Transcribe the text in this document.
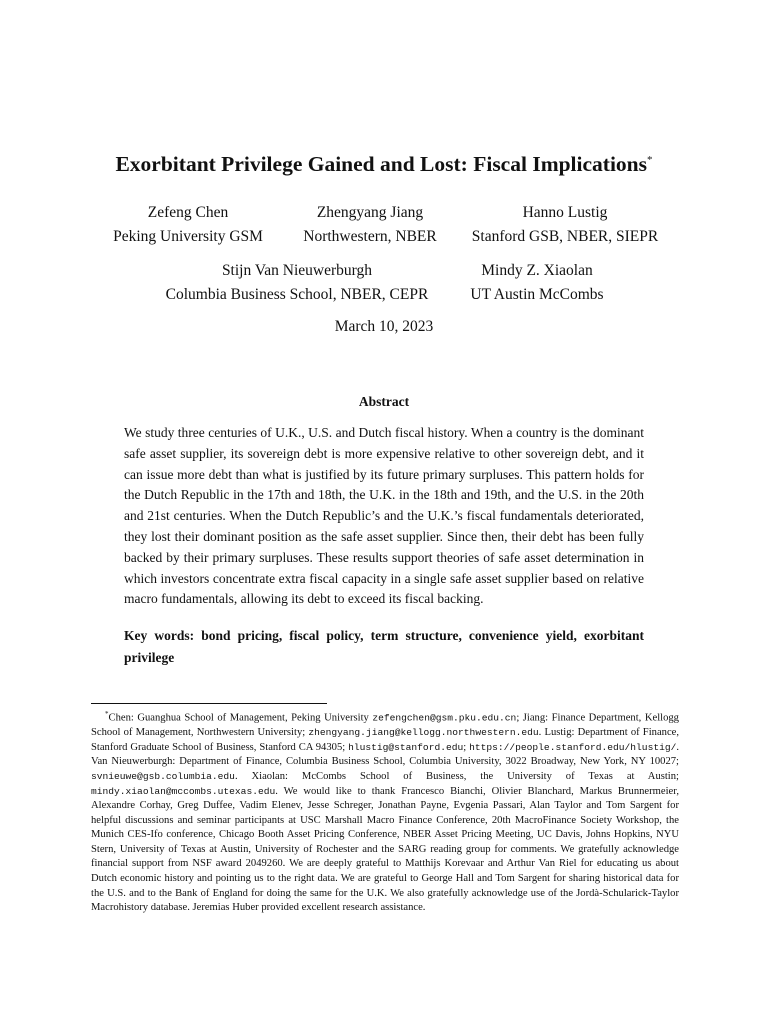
Exorbitant Privilege Gained and Lost: Fiscal Implications*
Zefeng Chen
Peking University GSM
Zhengyang Jiang
Northwestern, NBER
Hanno Lustig
Stanford GSB, NBER, SIEPR
Stijn Van Nieuwerburgh
Columbia Business School, NBER, CEPR
Mindy Z. Xiaolan
UT Austin McCombs
March 10, 2023
Abstract
We study three centuries of U.K., U.S. and Dutch fiscal history. When a country is the dominant safe asset supplier, its sovereign debt is more expensive relative to other sovereign debt, and it can issue more debt than what is justified by its future primary surpluses. This pattern holds for the Dutch Republic in the 17th and 18th, the U.K. in the 18th and 19th, and the U.S. in the 20th and 21st centuries. When the Dutch Republic’s and the U.K.’s fiscal fundamentals deteriorated, they lost their dominant position as the safe asset supplier. Since then, their debt has been fully backed by their primary surpluses. These results support theories of safe asset determination in which investors concentrate extra fiscal capacity in a single safe asset supplier based on relative macro fundamentals, allowing its debt to exceed its fiscal backing.
Key words: bond pricing, fiscal policy, term structure, convenience yield, exorbitant privilege
*Chen: Guanghua School of Management, Peking University zefengchen@gsm.pku.edu.cn; Jiang: Finance Department, Kellogg School of Management, Northwestern University; zhengyang.jiang@kellogg.northwestern.edu. Lustig: Department of Finance, Stanford Graduate School of Business, Stanford CA 94305; hlustig@stanford.edu; https://people.stanford.edu/hlustig/. Van Nieuwerburgh: Department of Finance, Columbia Business School, Columbia University, 3022 Broadway, New York, NY 10027; svnieuwe@gsb.columbia.edu. Xiaolan: McCombs School of Business, the University of Texas at Austin; mindy.xiaolan@mccombs.utexas.edu. We would like to thank Francesco Bianchi, Olivier Blanchard, Markus Brunnermeier, Alexandre Corhay, Greg Duffee, Vadim Elenev, Jesse Schreger, Jonathan Payne, Evgenia Passari, Alan Taylor and Tom Sargent for helpful discussions and seminar participants at USC Marshall Macro Finance Conference, 20th MacroFinance Society Workshop, the Munich CES-Ifo conference, Chicago Booth Asset Pricing Conference, NBER Asset Pricing Meeting, UC Davis, Johns Hopkins, NYU Stern, University of Texas at Austin, University of Rochester and the SARG reading group for comments. We gratefully acknowledge financial support from NSF award 2049260. We are deeply grateful to Matthijs Korevaar and Arthur Van Riel for educating us about Dutch economic history and pointing us to the right data. We are grateful to George Hall and Tom Sargent for sharing historical data for the U.S. and to the Bank of England for doing the same for the U.K. We also gratefully acknowledge use of the Jordà-Schularick-Taylor Macrohistory database. Jeremias Huber provided excellent research assistance.
